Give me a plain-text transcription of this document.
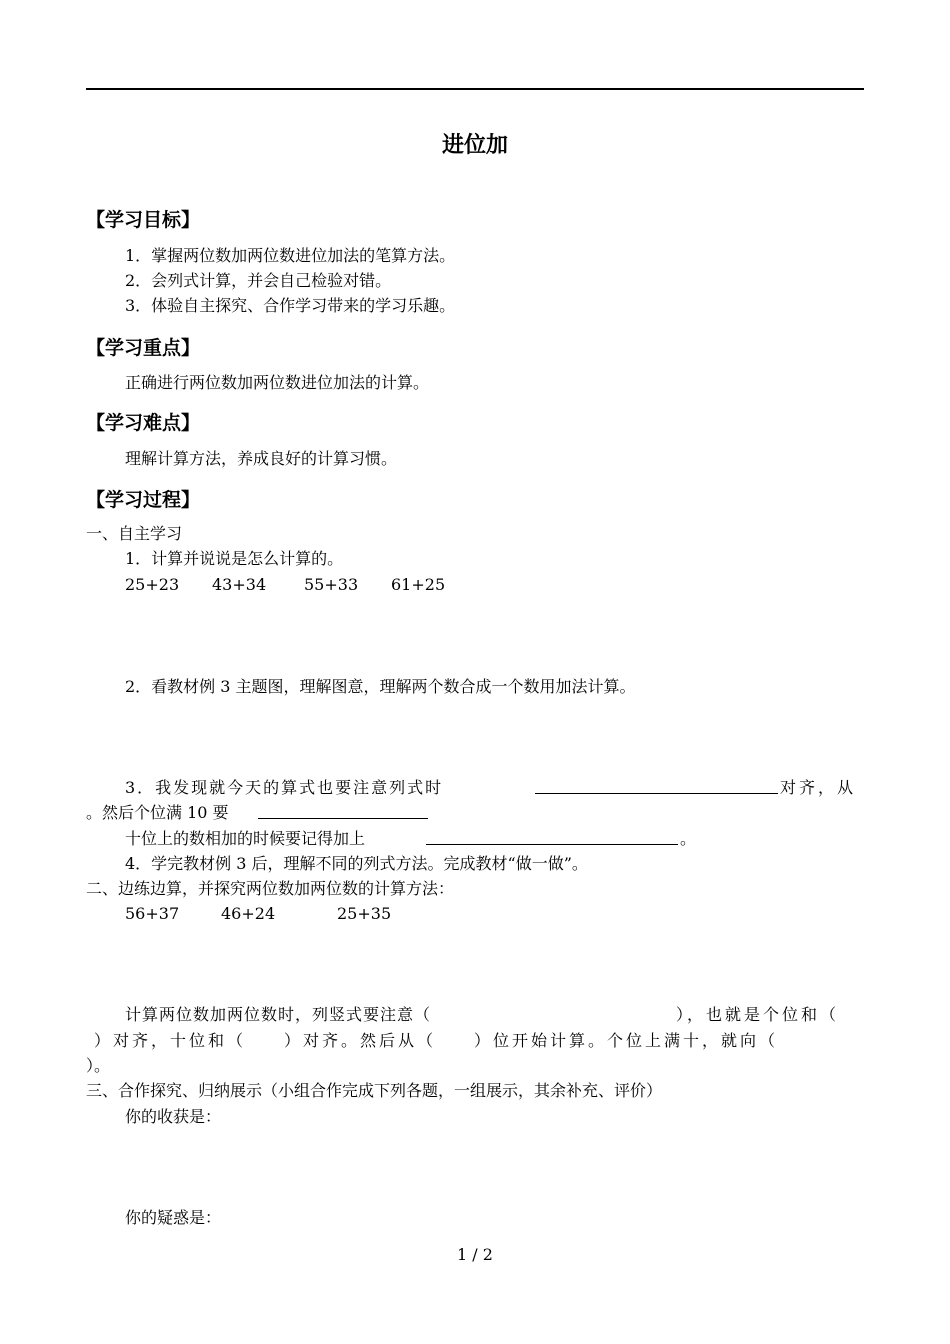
进位加
【学习目标】
1．掌握两位数加两位数进位加法的笔算方法。
2．会列式计算，并会自己检验对错。
3．体验自主探究、合作学习带来的学习乐趣。
【学习重点】
正确进行两位数加两位数进位加法的计算。
【学习难点】
理解计算方法，养成良好的计算习惯。
【学习过程】
一、自主学习
1．计算并说说是怎么计算的。
25+23 43+34 55+33 61+25
2．看教材例 3 主题图，理解图意，理解两个数合成一个数用加法计算。
3．我发现就今天的算式也要注意列式时	对齐，从
。然后个位满 10 要
十位上的数相加的时候要记得加上	。
4．学完教材例 3 后，理解不同的列式方法。完成教材“做一做”。
二、边练边算，并探究两位数加两位数的计算方法：
56+37	46+24	25+35
计算两位数加两位数时，列竖式要注意（	），也就是个位和（
）对齐，十位和（　　）对齐。然后从（　　）位开始计算。个位上满十，就向（
）。
三、合作探究、归纳展示（小组合作完成下列各题，一组展示，其余补充、评价）
你的收获是：
你的疑惑是：
1 / 2
